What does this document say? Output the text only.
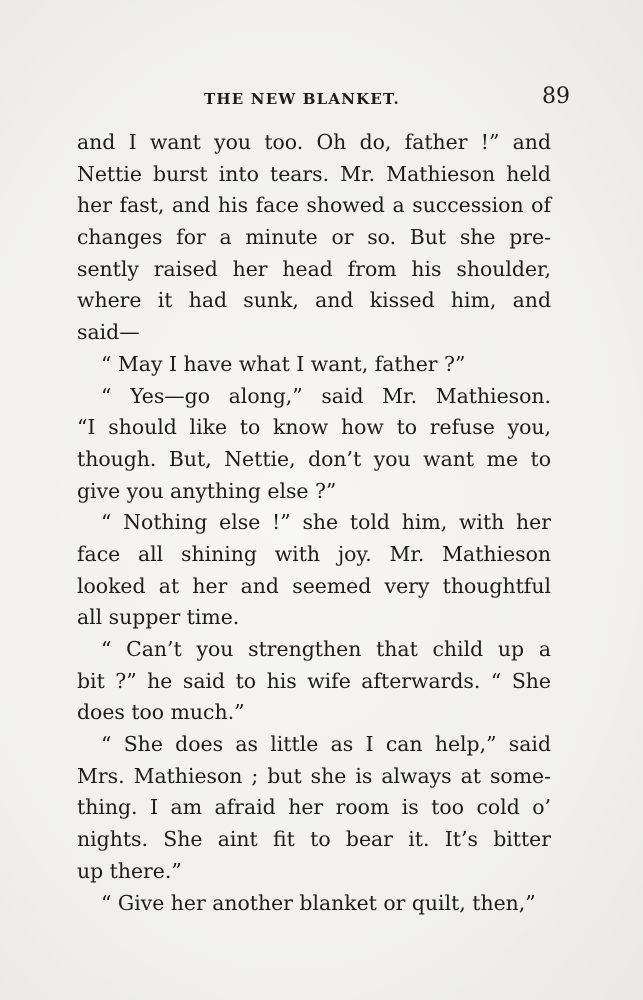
THE NEW BLANKET.	89
and I want you too. Oh do, father !” and
Nettie burst into tears. Mr. Mathieson held
her fast, and his face showed a succession of
changes for a minute or so. But she pre-
sently raised her head from his shoulder,
where it had sunk, and kissed him, and
said—
“ May I have what I want, father ?”
“ Yes—go along,” said Mr. Mathieson.
“I should like to know how to refuse you,
though. But, Nettie, don’t you want me to
give you anything else ?”
“ Nothing else !” she told him, with her
face all shining with joy. Mr. Mathieson
looked at her and seemed very thoughtful
all supper time.
“ Can’t you strengthen that child up a
bit ?” he said to his wife afterwards. “ She
does too much.”
“ She does as little as I can help,” said
Mrs. Mathieson ; but she is always at some-
thing. I am afraid her room is too cold o’
nights. She aint fit to bear it. It’s bitter
up there.”
“ Give her another blanket or quilt, then,”
